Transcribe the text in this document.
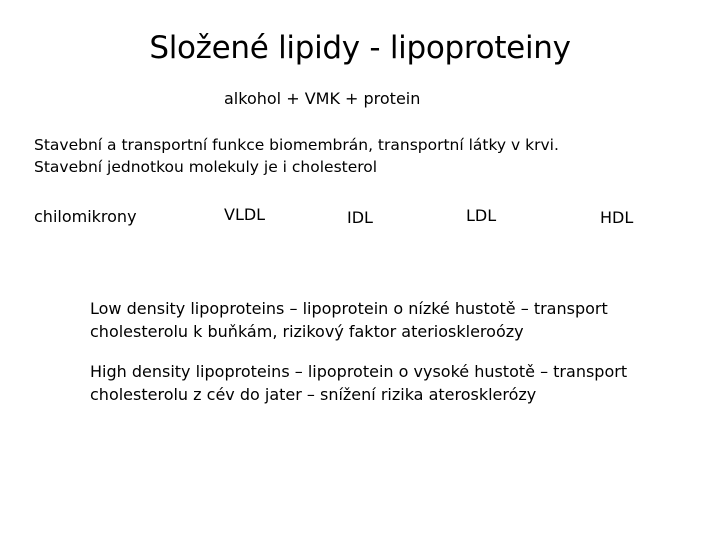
Složené lipidy - lipoproteiny
alkohol + VMK + protein
Stavební a transportní funkce biomembrán, transportní látky v krvi.
Stavební jednotkou molekuly je i cholesterol
chilomikrony	VLDL	IDL	LDL	HDL
Low density lipoproteins – lipoprotein o nízké hustotě – transport
cholesterolu k buňkám, rizikový faktor aterioskleroózy
High density lipoproteins – lipoprotein o vysoké hustotě – transport
cholesterolu z cév do jater – snížení rizika aterosklerózy
